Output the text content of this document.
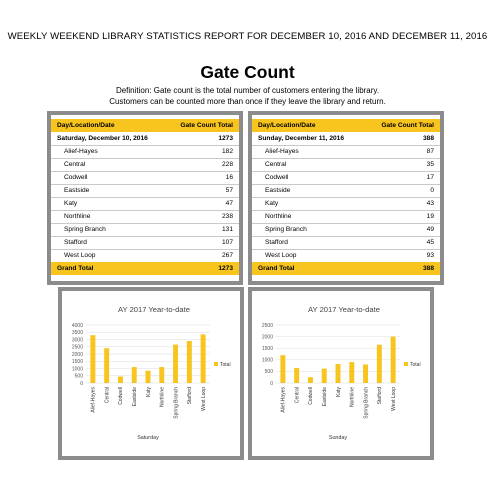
WEEKLY WEEKEND LIBRARY STATISTICS REPORT FOR DECEMBER 10, 2016 AND DECEMBER 11, 2016
Gate Count
Definition: Gate count is the total number of customers entering the library.
Customers can be counted more than once if they leave the library and return.
Day/Location/Date	Gate Count Total
Saturday, December 10, 2016	1273
Alief-Hayes	182
Central	228
Codwell	16
Eastside	57
Katy	47
Northline	238
Spring Branch	131
Stafford	107
West Loop	267
Grand Total	1273
Day/Location/Date	Gate Count Total
Sunday, December 11, 2016	388
Alief-Hayes	87
Central	35
Codwell	17
Eastside	0
Katy	43
Northline	19
Spring Branch	49
Stafford	45
West Loop	93
Grand Total	388
AY 2017 Year-to-date
0
500
1000
1500
2000
2500
3000
3500
4000
Alief-Hayes Central Codwell Eastside Katy Northline Spring Branch Stafford West Loop
Saturday
Total
AY 2017 Year-to-date
0
500
1000
1500
2000
2500
Alief-Hayes Central Codwell Eastside Katy Northline Spring Branch Stafford West Loop
Sunday
Total
